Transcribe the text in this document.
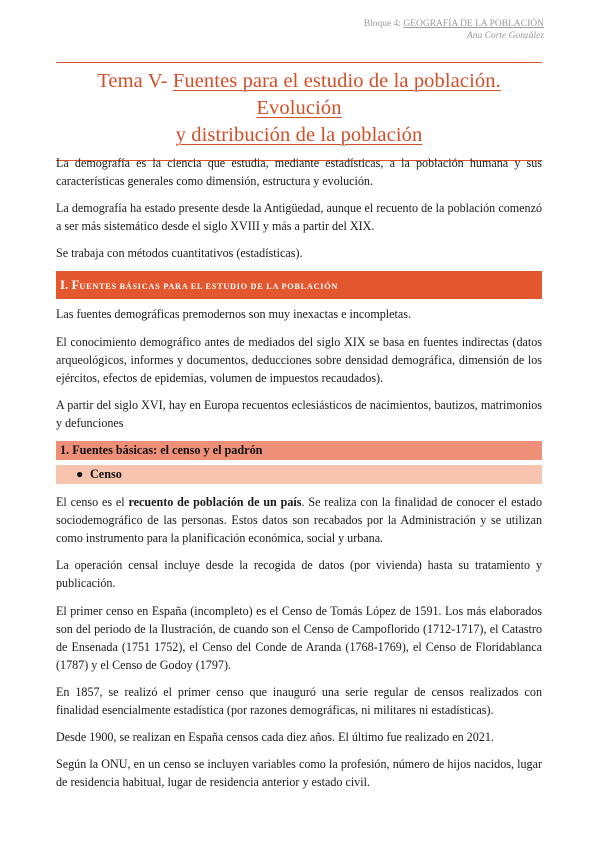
Bloque 4: GEOGRAFÍA DE LA POBLACIÓN
Ana Corte González
Tema V- Fuentes para el estudio de la población. Evolución
y distribución de la población

La demografía es la ciencia que estudia, mediante estadísticas, a la población humana y sus características generales como dimensión, estructura y evolución.

La demografía ha estado presente desde la Antigüedad, aunque el recuento de la población comenzó a ser más sistemático desde el siglo XVIII y más a partir del XIX.

Se trabaja con métodos cuantitativos (estadísticas).

I. FUENTES BÁSICAS PARA EL ESTUDIO DE LA POBLACIÓN

Las fuentes demográficas premodernos son muy inexactas e incompletas.

El conocimiento demográfico antes de mediados del siglo XIX se basa en fuentes indirectas (datos arqueológicos, informes y documentos, deducciones sobre densidad demográfica, dimensión de los ejércitos, efectos de epidemias, volumen de impuestos recaudados).

A partir del siglo XVI, hay en Europa recuentos eclesiásticos de nacimientos, bautizos, matrimonios y defunciones

1. Fuentes básicas: el censo y el padrón
● Censo

El censo es el recuento de población de un país. Se realiza con la finalidad de conocer el estado sociodemográfico de las personas. Estos datos son recabados por la Administración y se utilizan como instrumento para la planificación económica, social y urbana.

La operación censal incluye desde la recogida de datos (por vivienda) hasta su tratamiento y publicación.

El primer censo en España (incompleto) es el Censo de Tomás López de 1591. Los más elaborados son del periodo de la Ilustración, de cuando son el Censo de Campoflorido (1712-1717), el Catastro de Ensenada (1751 1752), el Censo del Conde de Aranda (1768-1769), el Censo de Floridablanca (1787) y el Censo de Godoy (1797).

En 1857, se realizó el primer censo que inauguró una serie regular de censos realizados con finalidad esencialmente estadística (por razones demográficas, ni militares ni estadísticas).

Desde 1900, se realizan en España censos cada diez años. El último fue realizado en 2021.

Según la ONU, en un censo se incluyen variables como la profesión, número de hijos nacidos, lugar de residencia habitual, lugar de residencia anterior y estado civil.
